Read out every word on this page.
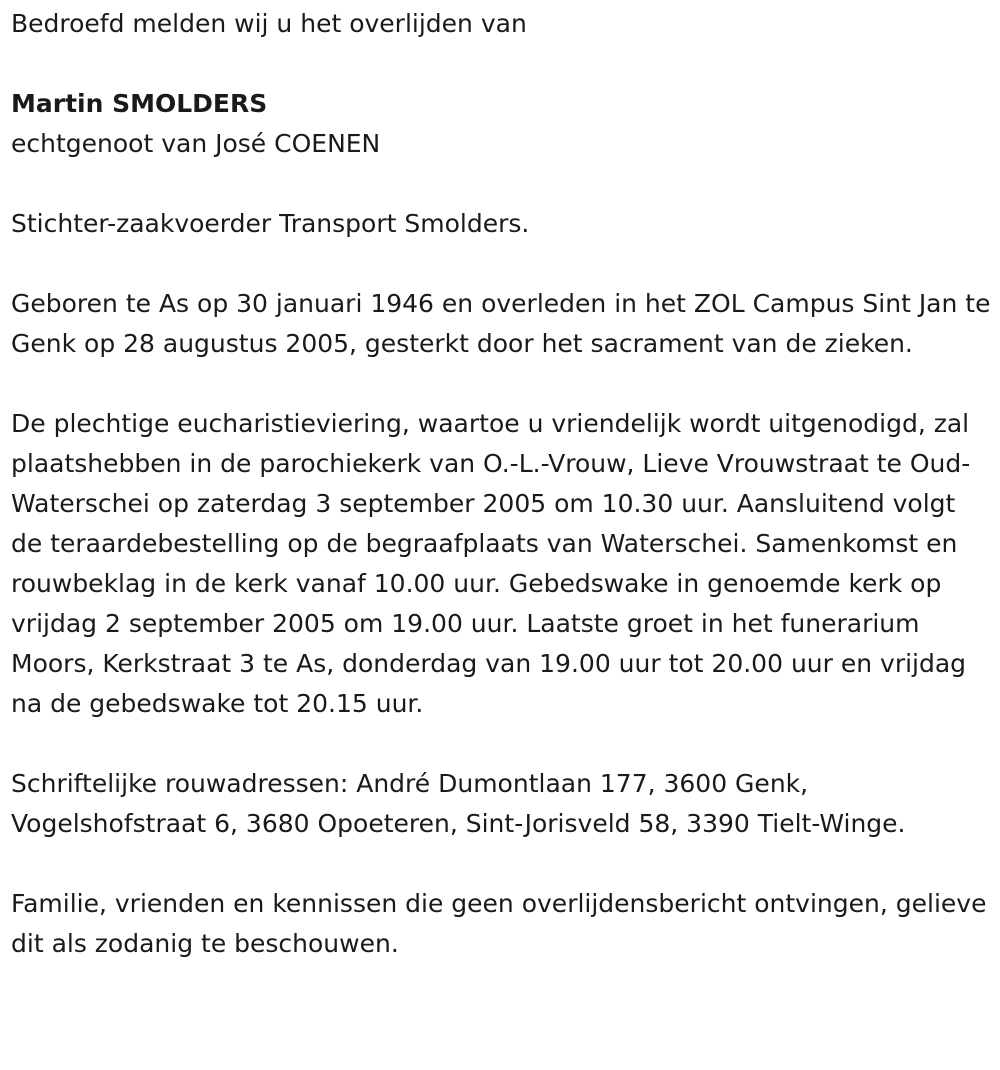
Bedroefd melden wij u het overlijden van

Martin SMOLDERS

echtgenoot van José COENEN

Stichter-zaakvoerder Transport Smolders.

Geboren te As op 30 januari 1946 en overleden in het ZOL Campus Sint Jan te Genk op 28 augustus 2005, gesterkt door het sacrament van de zieken.

De plechtige eucharistieviering, waartoe u vriendelijk wordt uitgenodigd, zal plaatshebben in de parochiekerk van O.-L.-Vrouw, Lieve Vrouwstraat te Oud-Waterschei op zaterdag 3 september 2005 om 10.30 uur. Aansluitend volgt de teraardebestelling op de begraafplaats van Waterschei. Samenkomst en rouwbeklag in de kerk vanaf 10.00 uur. Gebedswake in genoemde kerk op vrijdag 2 september 2005 om 19.00 uur. Laatste groet in het funerarium Moors, Kerkstraat 3 te As, donderdag van 19.00 uur tot 20.00 uur en vrijdag na de gebedswake tot 20.15 uur.

Schriftelijke rouwadressen: André Dumontlaan 177, 3600 Genk, Vogelshofstraat 6, 3680 Opoeteren, Sint-Jorisveld 58, 3390 Tielt-Winge.

Familie, vrienden en kennissen die geen overlijdensbericht ontvingen, gelieve dit als zodanig te beschouwen.
